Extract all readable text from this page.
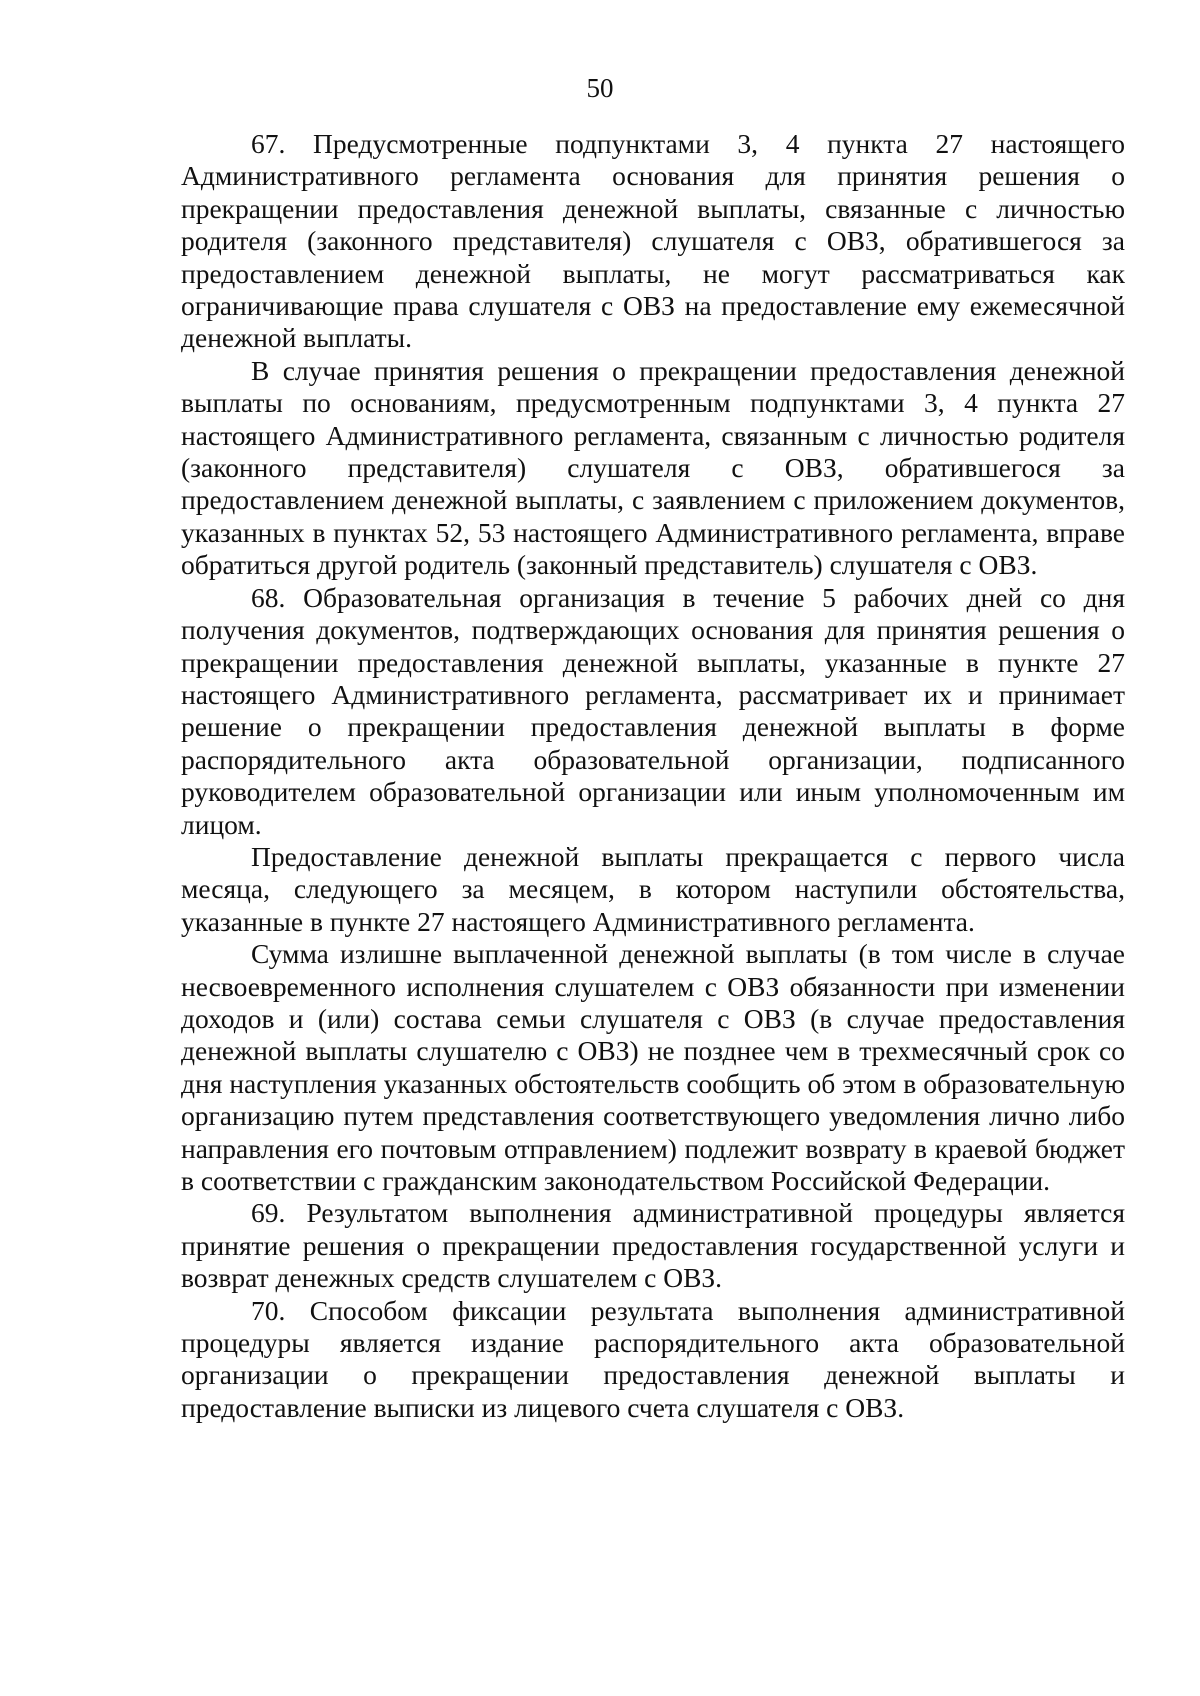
50

67. Предусмотренные подпунктами 3, 4 пункта 27 настоящего Административного регламента основания для принятия решения о прекращении предоставления денежной выплаты, связанные с личностью родителя (законного представителя) слушателя с ОВЗ, обратившегося за предоставлением денежной выплаты, не могут рассматриваться как ограничивающие права слушателя с ОВЗ на предоставление ему ежемесячной денежной выплаты.

В случае принятия решения о прекращении предоставления денежной выплаты по основаниям, предусмотренным подпунктами 3, 4 пункта 27 настоящего Административного регламента, связанным с личностью родителя (законного представителя) слушателя с ОВЗ, обратившегося за предоставлением денежной выплаты, с заявлением с приложением документов, указанных в пунктах 52, 53 настоящего Административного регламента, вправе обратиться другой родитель (законный представитель) слушателя с ОВЗ.

68. Образовательная организация в течение 5 рабочих дней со дня получения документов, подтверждающих основания для принятия решения о прекращении предоставления денежной выплаты, указанные в пункте 27 настоящего Административного регламента, рассматривает их и принимает решение о прекращении предоставления денежной выплаты в форме распорядительного акта образовательной организации, подписанного руководителем образовательной организации или иным уполномоченным им лицом.

Предоставление денежной выплаты прекращается с первого числа месяца, следующего за месяцем, в котором наступили обстоятельства, указанные в пункте 27 настоящего Административного регламента.

Сумма излишне выплаченной денежной выплаты (в том числе в случае несвоевременного исполнения слушателем с ОВЗ обязанности при изменении доходов и (или) состава семьи слушателя с ОВЗ (в случае предоставления денежной выплаты слушателю с ОВЗ) не позднее чем в трехмесячный срок со дня наступления указанных обстоятельств сообщить об этом в образовательную организацию путем представления соответствующего уведомления лично либо направления его почтовым отправлением) подлежит возврату в краевой бюджет в соответствии с гражданским законодательством Российской Федерации.

69. Результатом выполнения административной процедуры является принятие решения о прекращении предоставления государственной услуги и возврат денежных средств слушателем с ОВЗ.

70. Способом фиксации результата выполнения административной процедуры является издание распорядительного акта образовательной организации о прекращении предоставления денежной выплаты и предоставление выписки из лицевого счета слушателя с ОВЗ.
